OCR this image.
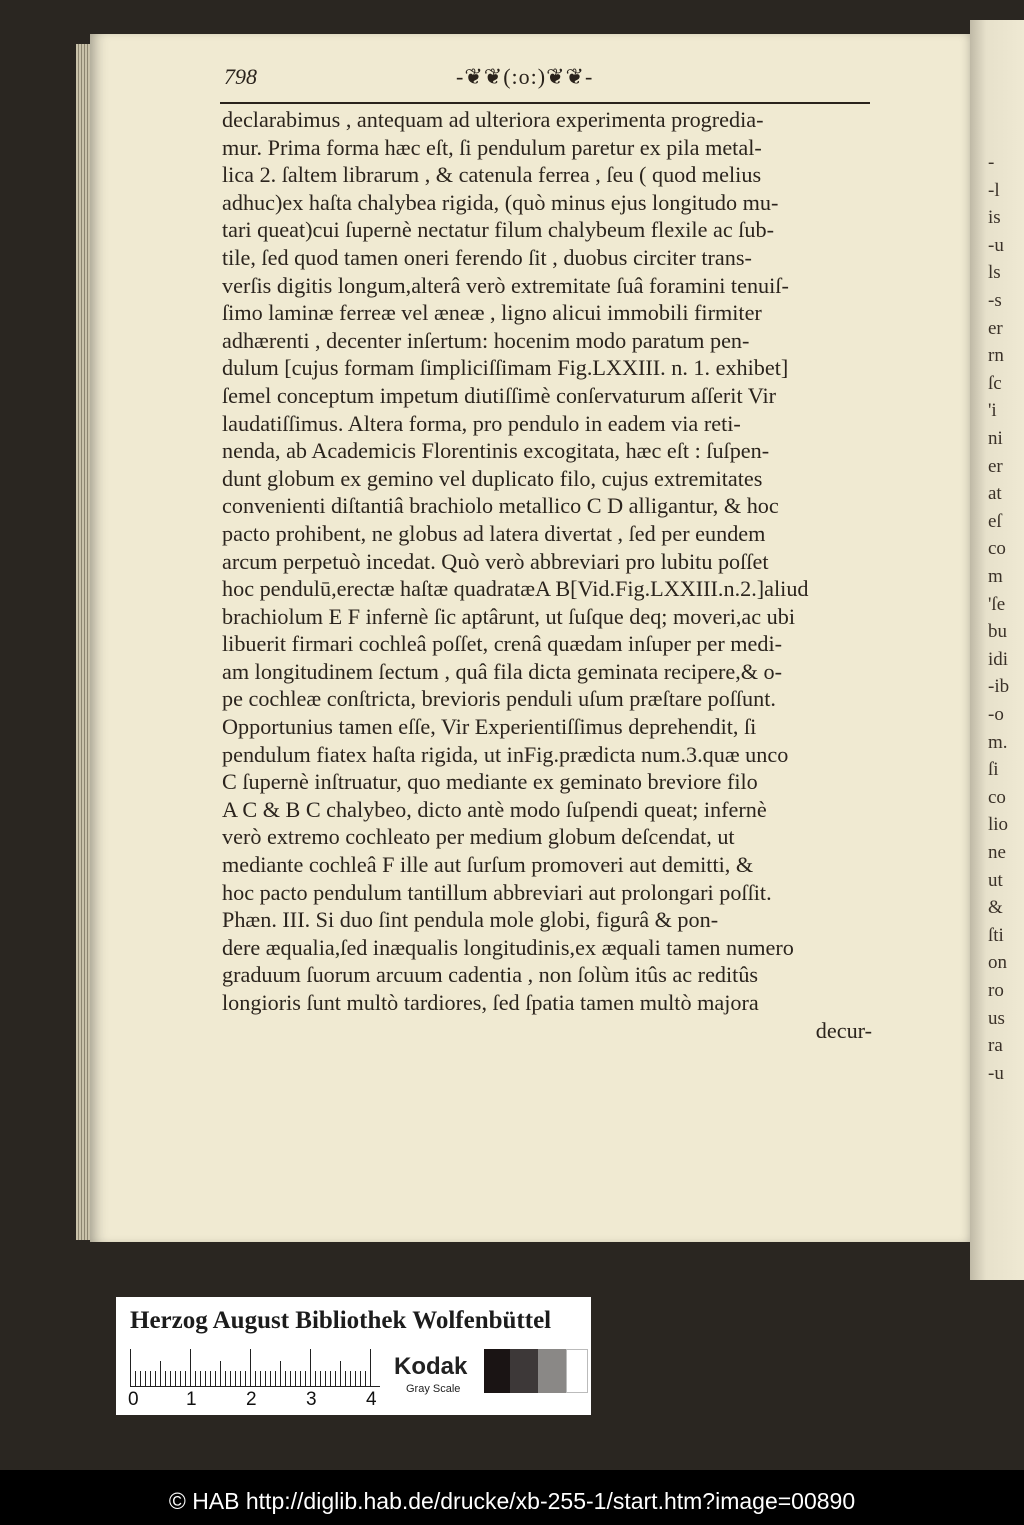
-
-l
is
-u
ls
-s
er
rn
ſc
'i
ni
er
at
eſ
co
m
'ſe
bu
idi
-ib
-o
m.
ſi
co
lio
ne
ut
&
ſti
on
ro
us
ra
-u
798	-❦❦(:o:)❦❦-
declarabimus , antequam ad ulteriora experimenta progredia-
mur. Prima forma hæc eſt, ſi pendulum paretur ex pila metal-
lica 2. ſaltem librarum , & catenula ferrea , ſeu ( quod melius
adhuc)ex haſta chalybea rigida, (quò minus ejus longitudo mu-
tari queat)cui ſupernè nectatur filum chalybeum flexile ac ſub-
tile, ſed quod tamen oneri ferendo ſit , duobus circiter trans-
verſis digitis longum,alterâ verò extremitate ſuâ foramini tenuiſ-
ſimo laminæ ferreæ vel æneæ , ligno alicui immobili firmiter
adhærenti , decenter inſertum: hocenim modo paratum pen-
dulum [cujus formam ſimpliciſſimam Fig.LXXIII. n. 1. exhibet]
ſemel conceptum impetum diutiſſimè conſervaturum aſſerit Vir
laudatiſſimus. Altera forma, pro pendulo in eadem via reti-
nenda, ab Academicis Florentinis excogitata, hæc eſt : ſuſpen-
dunt globum ex gemino vel duplicato filo, cujus extremitates
convenienti diſtantiâ brachiolo metallico C D alligantur, & hoc
pacto prohibent, ne globus ad latera divertat , ſed per eundem
arcum perpetuò incedat. Quò verò abbreviari pro lubitu poſſet
hoc pendulū,erectæ haſtæ quadratæA B[Vid.Fig.LXXIII.n.2.]aliud
brachiolum E F infernè ſic aptârunt, ut ſuſque deq; moveri,ac ubi
libuerit firmari cochleâ poſſet, crenâ quædam inſuper per medi-
am longitudinem ſectum , quâ fila dicta geminata recipere,& o-
pe cochleæ conſtricta, brevioris penduli uſum præſtare poſſunt.
Opportunius tamen eſſe, Vir Experientiſſimus deprehendit, ſi
pendulum fiatex haſta rigida, ut inFig.prædicta num.3.quæ unco
C ſupernè inſtruatur, quo mediante ex geminato breviore filo
A C & B C chalybeo, dicto antè modo ſuſpendi queat; infernè
verò extremo cochleato per medium globum deſcendat, ut
mediante cochleâ F ille aut ſurſum promoveri aut demitti, &
hoc pacto pendulum tantillum abbreviari aut prolongari poſſit.
Phæn. III. Si duo ſint pendula mole globi, figurâ & pon-
dere æqualia,ſed inæqualis longitudinis,ex æquali tamen numero
graduum ſuorum arcuum cadentia , non ſolùm itûs ac reditûs
longioris ſunt multò tardiores, ſed ſpatia tamen multò majora
decur-
Herzog August Bibliothek Wolfenbüttel
0 1	2	3	4
Kodak
Gray Scale
© HAB http://diglib.hab.de/drucke/xb-255-1/start.htm?image=00890
